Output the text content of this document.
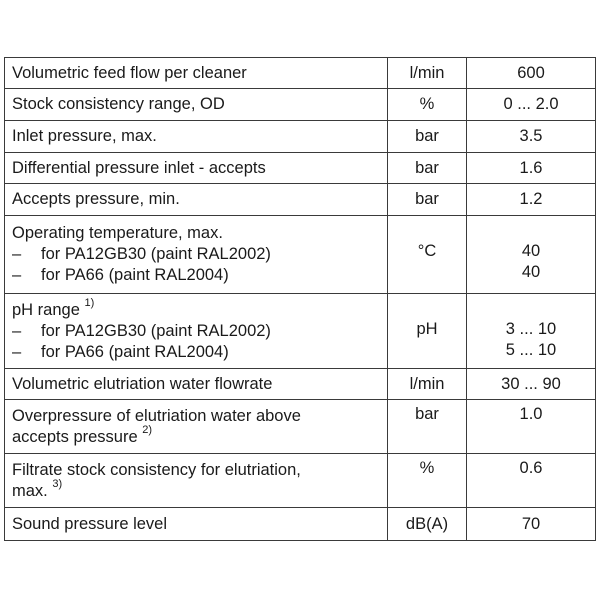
Volumetric feed flow per cleaner	l/min	600
Stock consistency range, OD	%	0 ... 2.0
Inlet pressure, max.	bar	3.5
Differential pressure inlet - accepts	bar	1.6
Accepts pressure, min.	bar	1.2

Operating temperature, max.
– for PA12GB30 (paint RAL2002)
– for PA66 (paint RAL2004)	°C	40
40

pH range $^{1)}$
– for PA12GB30 (paint RAL2002)
– for PA66 (paint RAL2004)	pH	3 ... 10
5 ... 10

Volumetric elutriation water flowrate	l/min	30 ... 90

Overpressure of elutriation water above
accepts pressure $^{2)}$	bar	1.0

Filtrate stock consistency for elutriation,
max. $^{3)}$	%	0.6
Sound pressure level	dB(A)	70
